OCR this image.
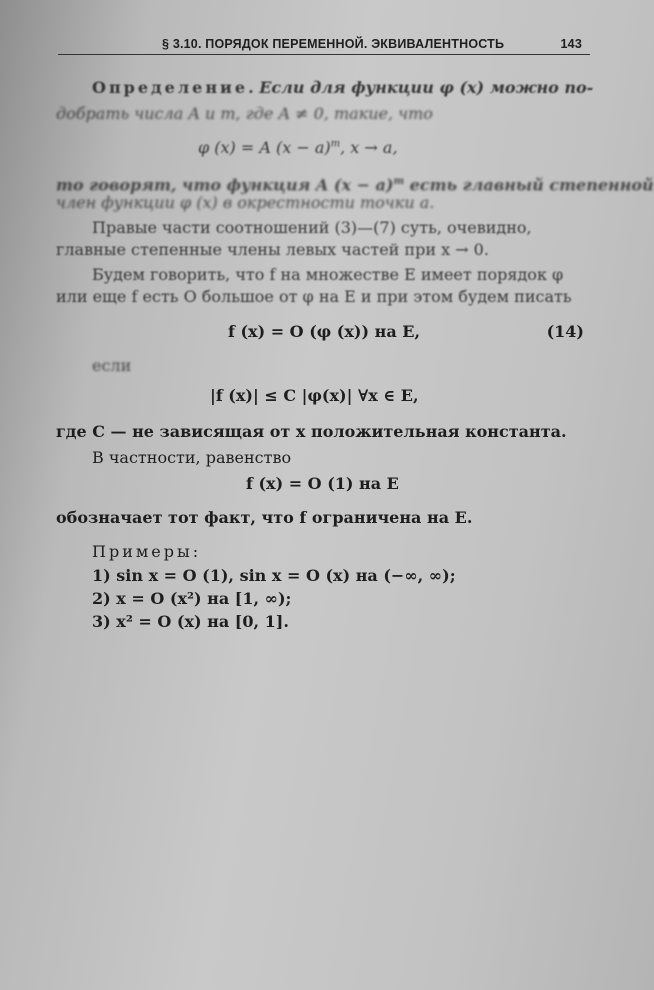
§ 3.10. ПОРЯДОК ПЕРЕМЕННОЙ. ЭКВИВАЛЕНТНОСТЬ	143
Определение. Если для функции φ (x) можно по-
добрать числа A и m, где A ≠ 0, такие, что
φ (x) = A $(x - a)^m$, x → a,
то говорят, что функция A $(x - a)^m$ есть главный степенной
член функции φ (x) в окрестности точки a.
Правые части соотношений (3)—(7) суть, очевидно,
главные степенные члены левых частей при x → 0.
Будем говорить, что f на множестве E имеет порядок φ
или еще f есть O большое от φ на E и при этом будем писать
f (x) = O (φ (x)) на E,	(14)
если
|f (x)| ≤ C |φ(x)| ∀x ∈ E,
где C — не зависящая от x положительная константа.
В частности, равенство
f (x) = O (1) на E
обозначает тот факт, что f ограничена на E.
Примеры:
1) sin x = O (1), sin x = O (x) на (−∞, ∞);
2) x = O (x²) на [1, ∞);
3) x² = O (x) на [0, 1].
